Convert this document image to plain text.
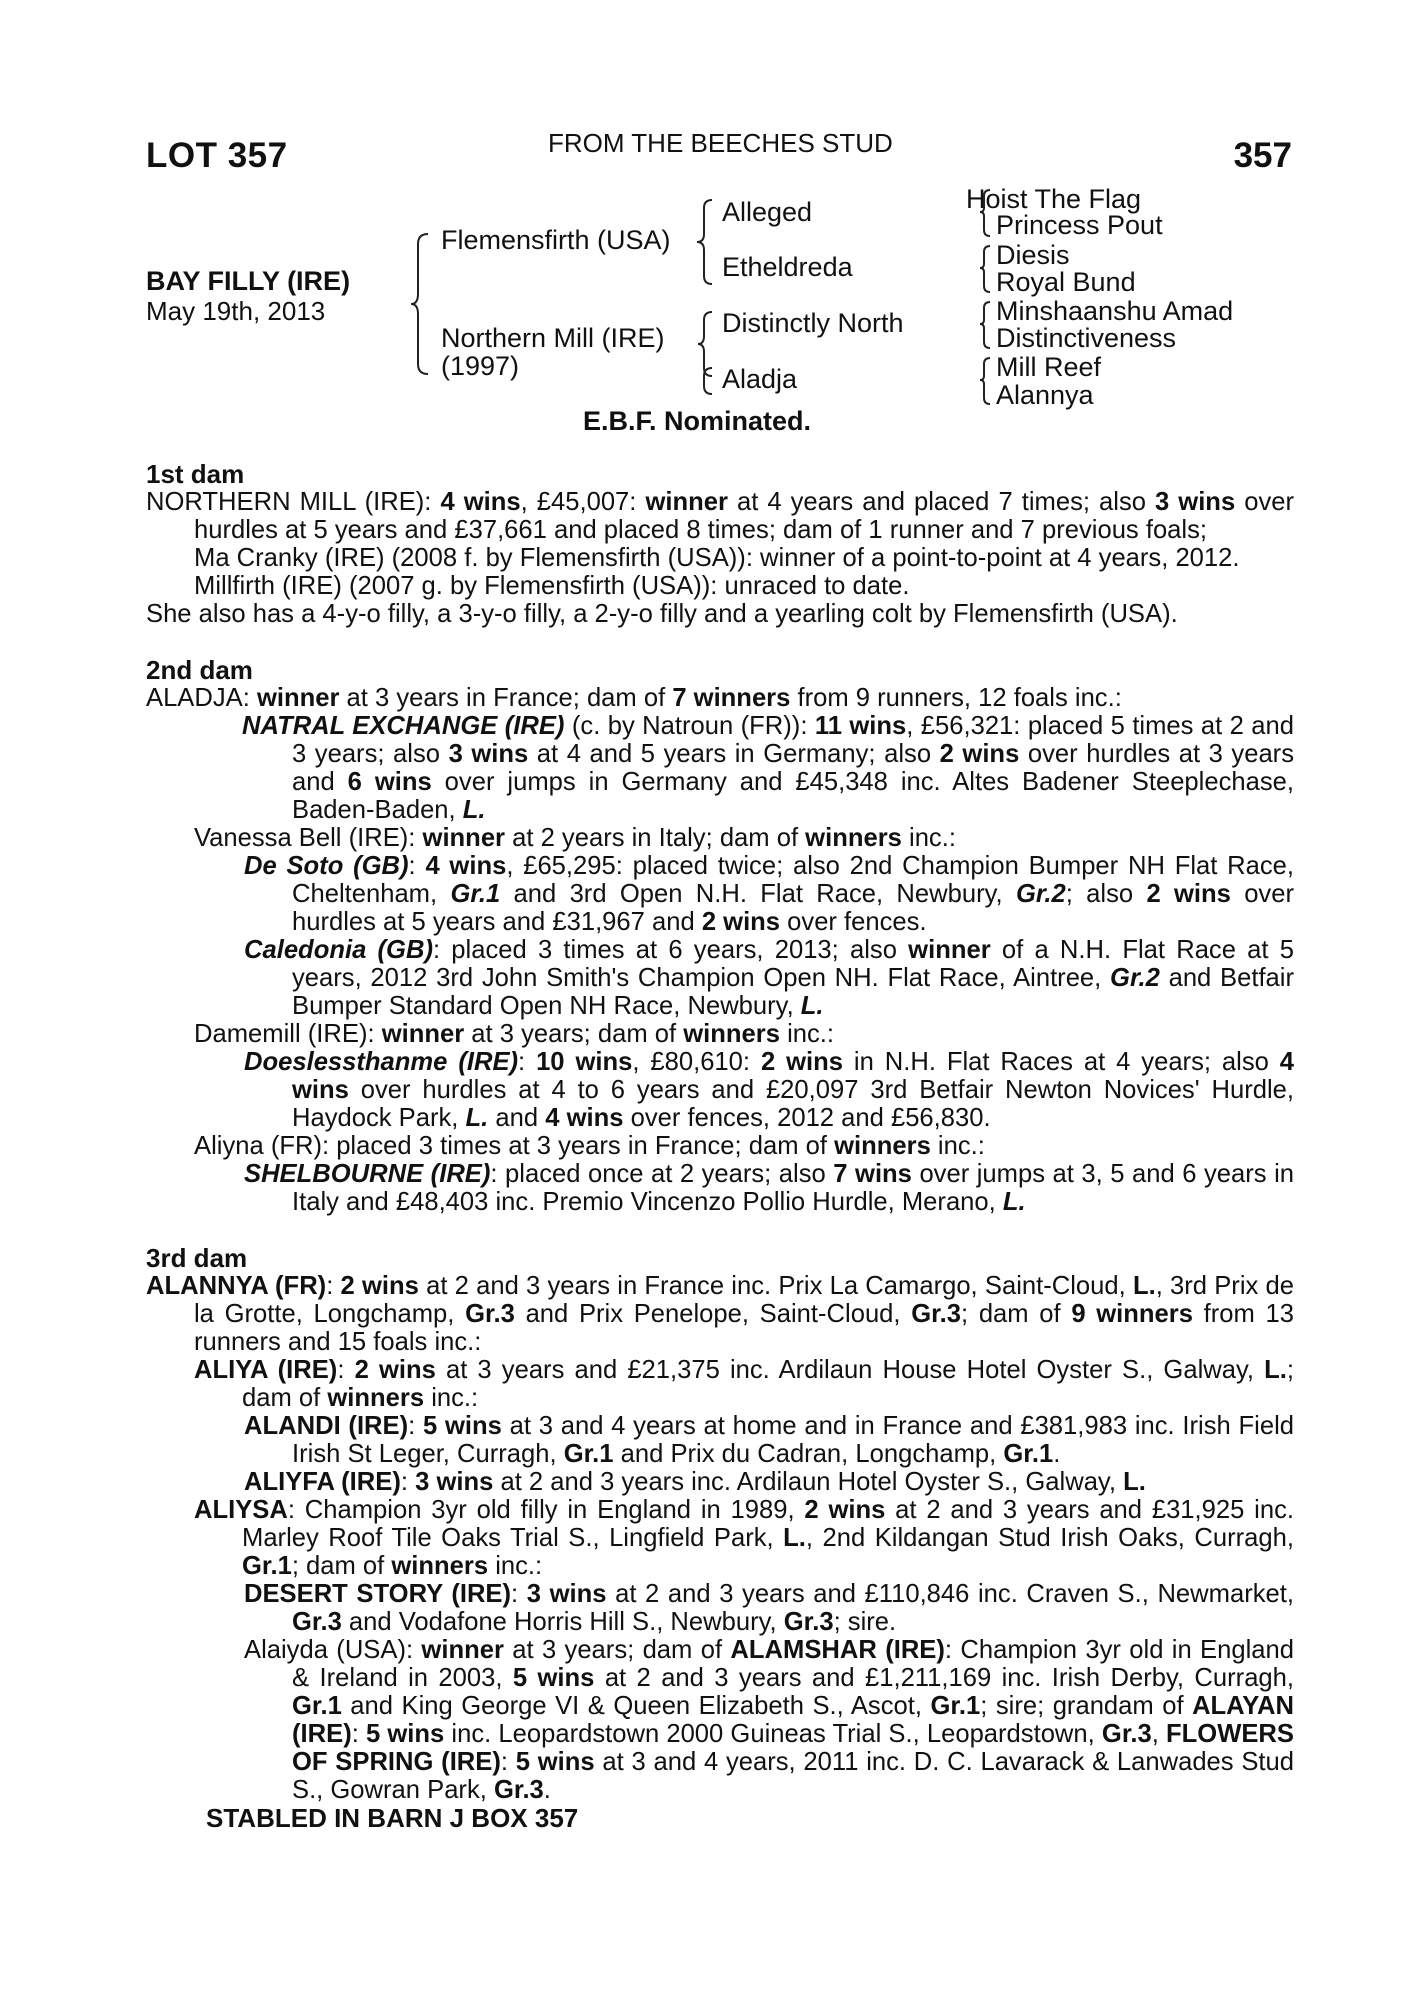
LOT 357	FROM THE BEECHES STUD	357
BAY FILLY (IRE)
May 19th, 2013
Flemensfirth (USA)
Northern Mill (IRE)
(1997)
Alleged
Etheldreda
Distinctly North
Aladja
Hoist The Flag
Princess Pout
Diesis
Royal Bund
Minshaanshu Amad
Distinctiveness
Mill Reef
Alannya
E.B.F. Nominated.
1st dam

NORTHERN MILL (IRE): 4 wins, £45,007: winner at 4 years and placed 7 times; also 3 wins over hurdles at 5 years and £37,661 and placed 8 times; dam of 1 runner and 7 previous foals;

Ma Cranky (IRE) (2008 f. by Flemensfirth (USA)): winner of a point-to-point at 4 years, 2012.

Millfirth (IRE) (2007 g. by Flemensfirth (USA)): unraced to date.

She also has a 4-y-o filly, a 3-y-o filly, a 2-y-o filly and a yearling colt by Flemensfirth (USA).

2nd dam

ALADJA: winner at 3 years in France; dam of 7 winners from 9 runners, 12 foals inc.:

NATRAL EXCHANGE (IRE) (c. by Natroun (FR)): 11 wins, £56,321: placed 5 times at 2 and 3 years; also 3 wins at 4 and 5 years in Germany; also 2 wins over hurdles at 3 years and 6 wins over jumps in Germany and £45,348 inc. Altes Badener Steeplechase, Baden-Baden, L.

Vanessa Bell (IRE): winner at 2 years in Italy; dam of winners inc.:

De Soto (GB): 4 wins, £65,295: placed twice; also 2nd Champion Bumper NH Flat Race, Cheltenham, Gr.1 and 3rd Open N.H. Flat Race, Newbury, Gr.2; also 2 wins over hurdles at 5 years and £31,967 and 2 wins over fences.

Caledonia (GB): placed 3 times at 6 years, 2013; also winner of a N.H. Flat Race at 5 years, 2012 3rd John Smith's Champion Open NH. Flat Race, Aintree, Gr.2 and Betfair Bumper Standard Open NH Race, Newbury, L.

Damemill (IRE): winner at 3 years; dam of winners inc.:

Doeslessthanme (IRE): 10 wins, £80,610: 2 wins in N.H. Flat Races at 4 years; also 4 wins over hurdles at 4 to 6 years and £20,097 3rd Betfair Newton Novices' Hurdle, Haydock Park, L. and 4 wins over fences, 2012 and £56,830.

Aliyna (FR): placed 3 times at 3 years in France; dam of winners inc.:

SHELBOURNE (IRE): placed once at 2 years; also 7 wins over jumps at 3, 5 and 6 years in Italy and £48,403 inc. Premio Vincenzo Pollio Hurdle, Merano, L.

3rd dam

ALANNYA (FR): 2 wins at 2 and 3 years in France inc. Prix La Camargo, Saint-Cloud, L., 3rd Prix de la Grotte, Longchamp, Gr.3 and Prix Penelope, Saint-Cloud, Gr.3; dam of 9 winners from 13 runners and 15 foals inc.:

ALIYA (IRE): 2 wins at 3 years and £21,375 inc. Ardilaun House Hotel Oyster S., Galway, L.; dam of winners inc.:

ALANDI (IRE): 5 wins at 3 and 4 years at home and in France and £381,983 inc. Irish Field Irish St Leger, Curragh, Gr.1 and Prix du Cadran, Longchamp, Gr.1.

ALIYFA (IRE): 3 wins at 2 and 3 years inc. Ardilaun Hotel Oyster S., Galway, L.

ALIYSA: Champion 3yr old filly in England in 1989, 2 wins at 2 and 3 years and £31,925 inc. Marley Roof Tile Oaks Trial S., Lingfield Park, L., 2nd Kildangan Stud Irish Oaks, Curragh, Gr.1; dam of winners inc.:

DESERT STORY (IRE): 3 wins at 2 and 3 years and £110,846 inc. Craven S., Newmarket, Gr.3 and Vodafone Horris Hill S., Newbury, Gr.3; sire.

Alaiyda (USA): winner at 3 years; dam of ALAMSHAR (IRE): Champion 3yr old in England & Ireland in 2003, 5 wins at 2 and 3 years and £1,211,169 inc. Irish Derby, Curragh, Gr.1 and King George VI & Queen Elizabeth S., Ascot, Gr.1; sire; grandam of ALAYAN (IRE): 5 wins inc. Leopardstown 2000 Guineas Trial S., Leopardstown, Gr.3, FLOWERS OF SPRING (IRE): 5 wins at 3 and 4 years, 2011 inc. D. C. Lavarack & Lanwades Stud S., Gowran Park, Gr.3.

STABLED IN BARN J BOX 357
